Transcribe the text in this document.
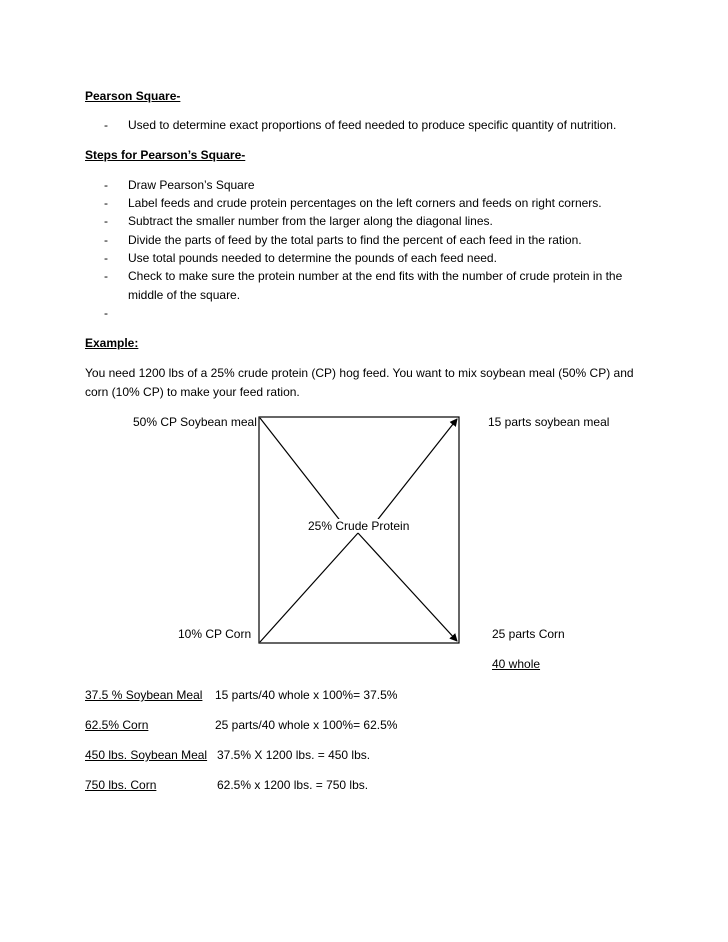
Pearson Square-
- Used to determine exact proportions of feed needed to produce specific quantity of nutrition.
Steps for Pearson’s Square-
- Draw Pearson’s Square
- Label feeds and crude protein percentages on the left corners and feeds on right corners.
- Subtract the smaller number from the larger along the diagonal lines.
- Divide the parts of feed by the total parts to find the percent of each feed in the ration.
- Use total pounds needed to determine the pounds of each feed need.
- Check to make sure the protein number at the end fits with the number of crude protein in the
middle of the square.
-
Example:
You need 1200 lbs of a 25% crude protein (CP) hog feed. You want to mix soybean meal (50% CP) and
corn (10% CP) to make your feed ration.
50% CP Soybean meal	15 parts soybean meal
25% Crude Protein
10% CP Corn	25 parts Corn
40 whole
37.5 % Soybean Meal 15 parts/40 whole x 100%= 37.5%
62.5% Corn	25 parts/40 whole x 100%= 62.5%
450 lbs. Soybean Meal 37.5% X 1200 lbs. = 450 lbs.
750 lbs. Corn	62.5% x 1200 lbs. = 750 lbs.
